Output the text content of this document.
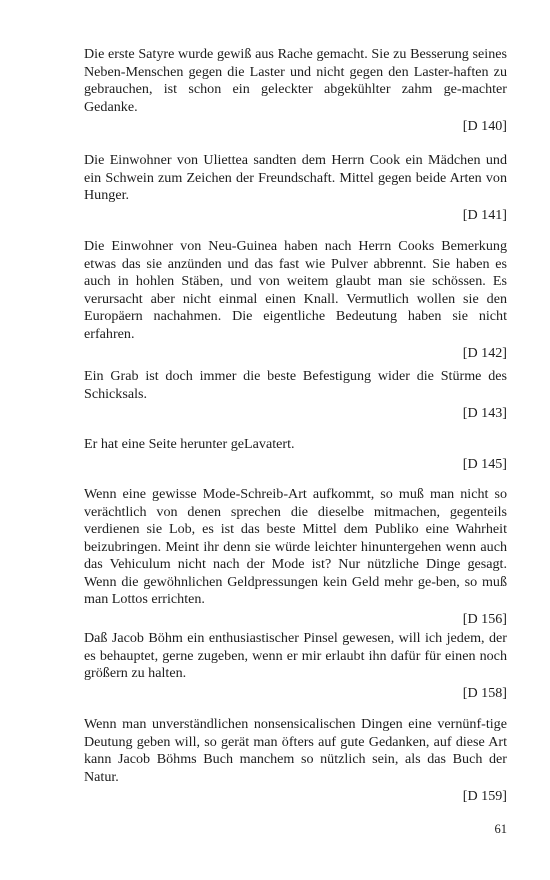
Die erste Satyre wurde gewiß aus Rache gemacht. Sie zu Besserung seines Neben-Menschen gegen die Laster und nicht gegen den Laster-haften zu gebrauchen, ist schon ein geleckter abgekühlter zahm ge-machter Gedanke.

[D 140]

Die Einwohner von Uliettea sandten dem Herrn Cook ein Mädchen und ein Schwein zum Zeichen der Freundschaft. Mittel gegen beide Arten von Hunger.

[D 141]

Die Einwohner von Neu-Guinea haben nach Herrn Cooks Bemerkung etwas das sie anzünden und das fast wie Pulver abbrennt. Sie haben es auch in hohlen Stäben, und von weitem glaubt man sie schössen. Es verursacht aber nicht einmal einen Knall. Vermutlich wollen sie den Europäern nachahmen. Die eigentliche Bedeutung haben sie nicht erfahren.

[D 142]

Ein Grab ist doch immer die beste Befestigung wider die Stürme des Schicksals.

[D 143]

Er hat eine Seite herunter geLavatert.

[D 145]

Wenn eine gewisse Mode-Schreib-Art aufkommt, so muß man nicht so verächtlich von denen sprechen die dieselbe mitmachen, gegenteils verdienen sie Lob, es ist das beste Mittel dem Publiko eine Wahrheit beizubringen. Meint ihr denn sie würde leichter hinuntergehen wenn auch das Vehiculum nicht nach der Mode ist? Nur nützliche Dinge gesagt. Wenn die gewöhnlichen Geldpressungen kein Geld mehr ge-ben, so muß man Lottos errichten.

[D 156]

Daß Jacob Böhm ein enthusiastischer Pinsel gewesen, will ich jedem, der es behauptet, gerne zugeben, wenn er mir erlaubt ihn dafür für einen noch größern zu halten.

[D 158]

Wenn man unverständlichen nonsensicalischen Dingen eine vernünf-tige Deutung geben will, so gerät man öfters auf gute Gedanken, auf diese Art kann Jacob Böhms Buch manchem so nützlich sein, als das Buch der Natur.

[D 159]
61
